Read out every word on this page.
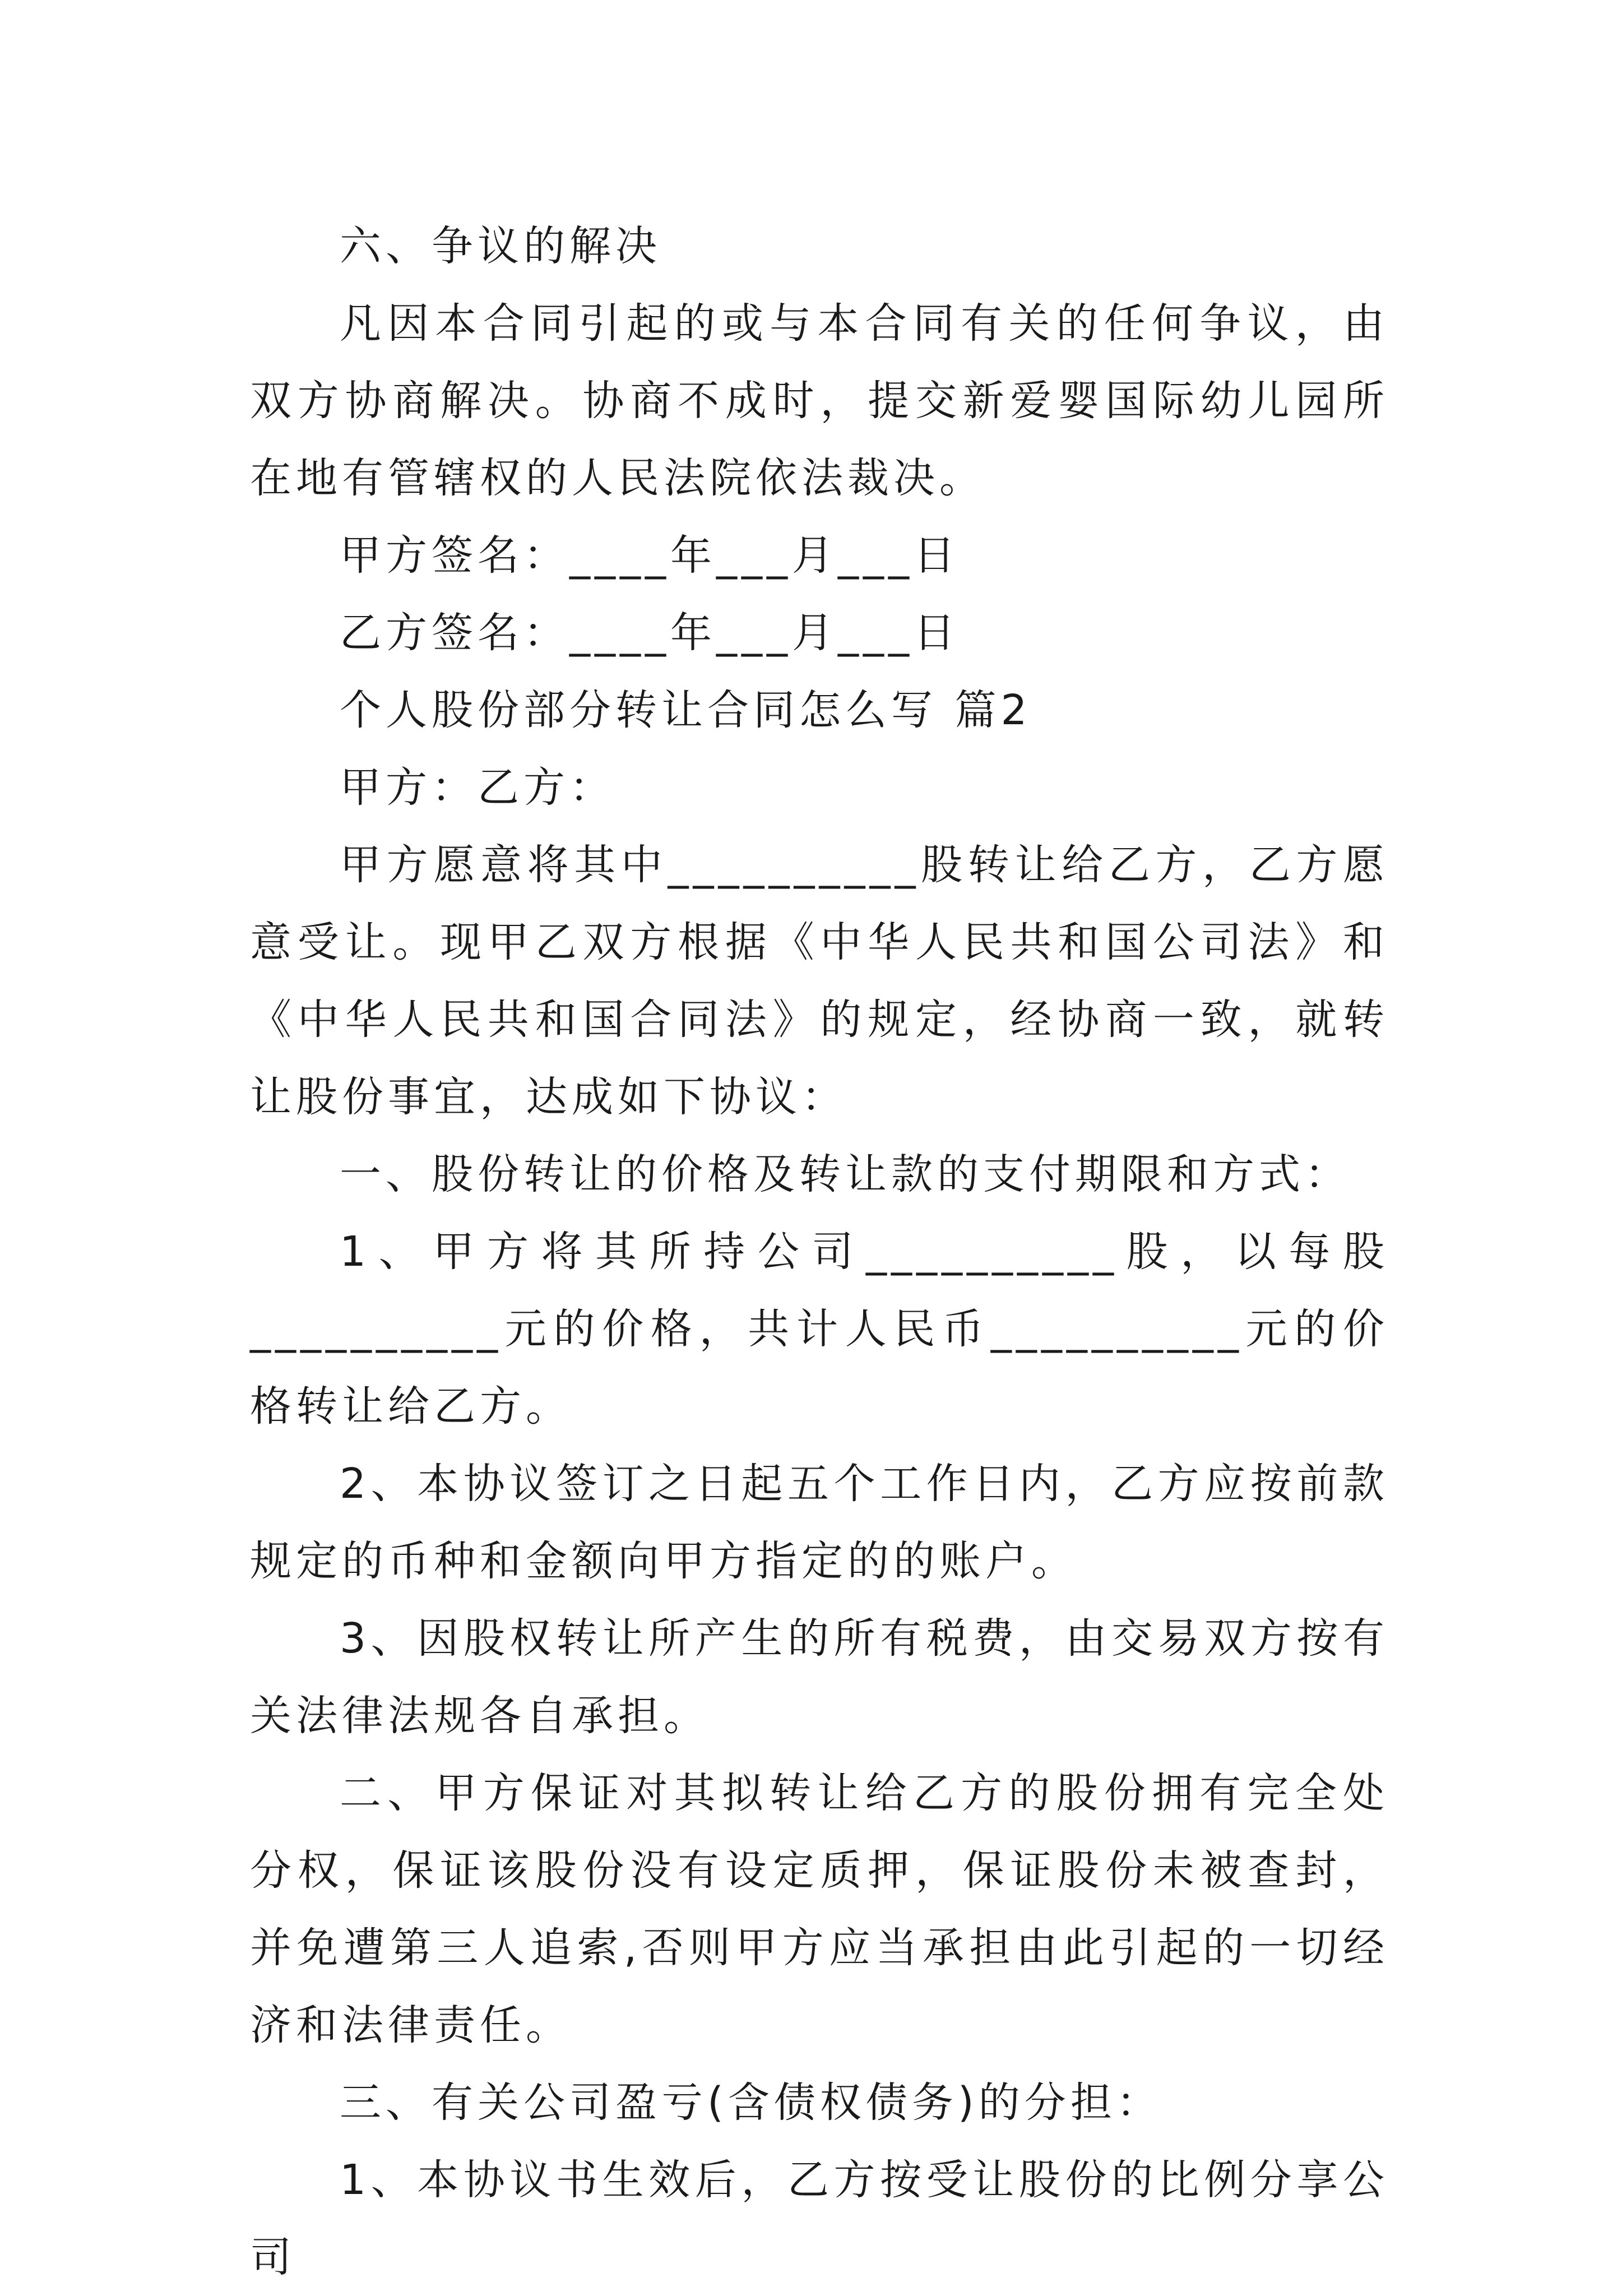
六、争议的解决

凡因本合同引起的或与本合同有关的任何争议，由双方协商解决。协商不成时，提交新爱婴国际幼儿园所在地有管辖权的人民法院依法裁决。

甲方签名：____年___月___日

乙方签名：____年___月___日

个人股份部分转让合同怎么写 篇2

甲方：乙方：

甲方愿意将其中__________股转让给乙方，乙方愿意受让。现甲乙双方根据《中华人民共和国公司法》和《中华人民共和国合同法》的规定，经协商一致，就转让股份事宜，达成如下协议：

一、股份转让的价格及转让款的支付期限和方式：

1、甲方将其所持公司__________股，以每股__________元的价格，共计人民币__________元的价格转让给乙方。

2、本协议签订之日起五个工作日内，乙方应按前款规定的币种和金额向甲方指定的的账户。

3、因股权转让所产生的所有税费，由交易双方按有关法律法规各自承担。

二、甲方保证对其拟转让给乙方的股份拥有完全处分权，保证该股份没有设定质押，保证股份未被查封，并免遭第三人追索,否则甲方应当承担由此引起的一切经济和法律责任。

三、有关公司盈亏(含债权债务)的分担：

1、本协议书生效后，乙方按受让股份的比例分享公司
